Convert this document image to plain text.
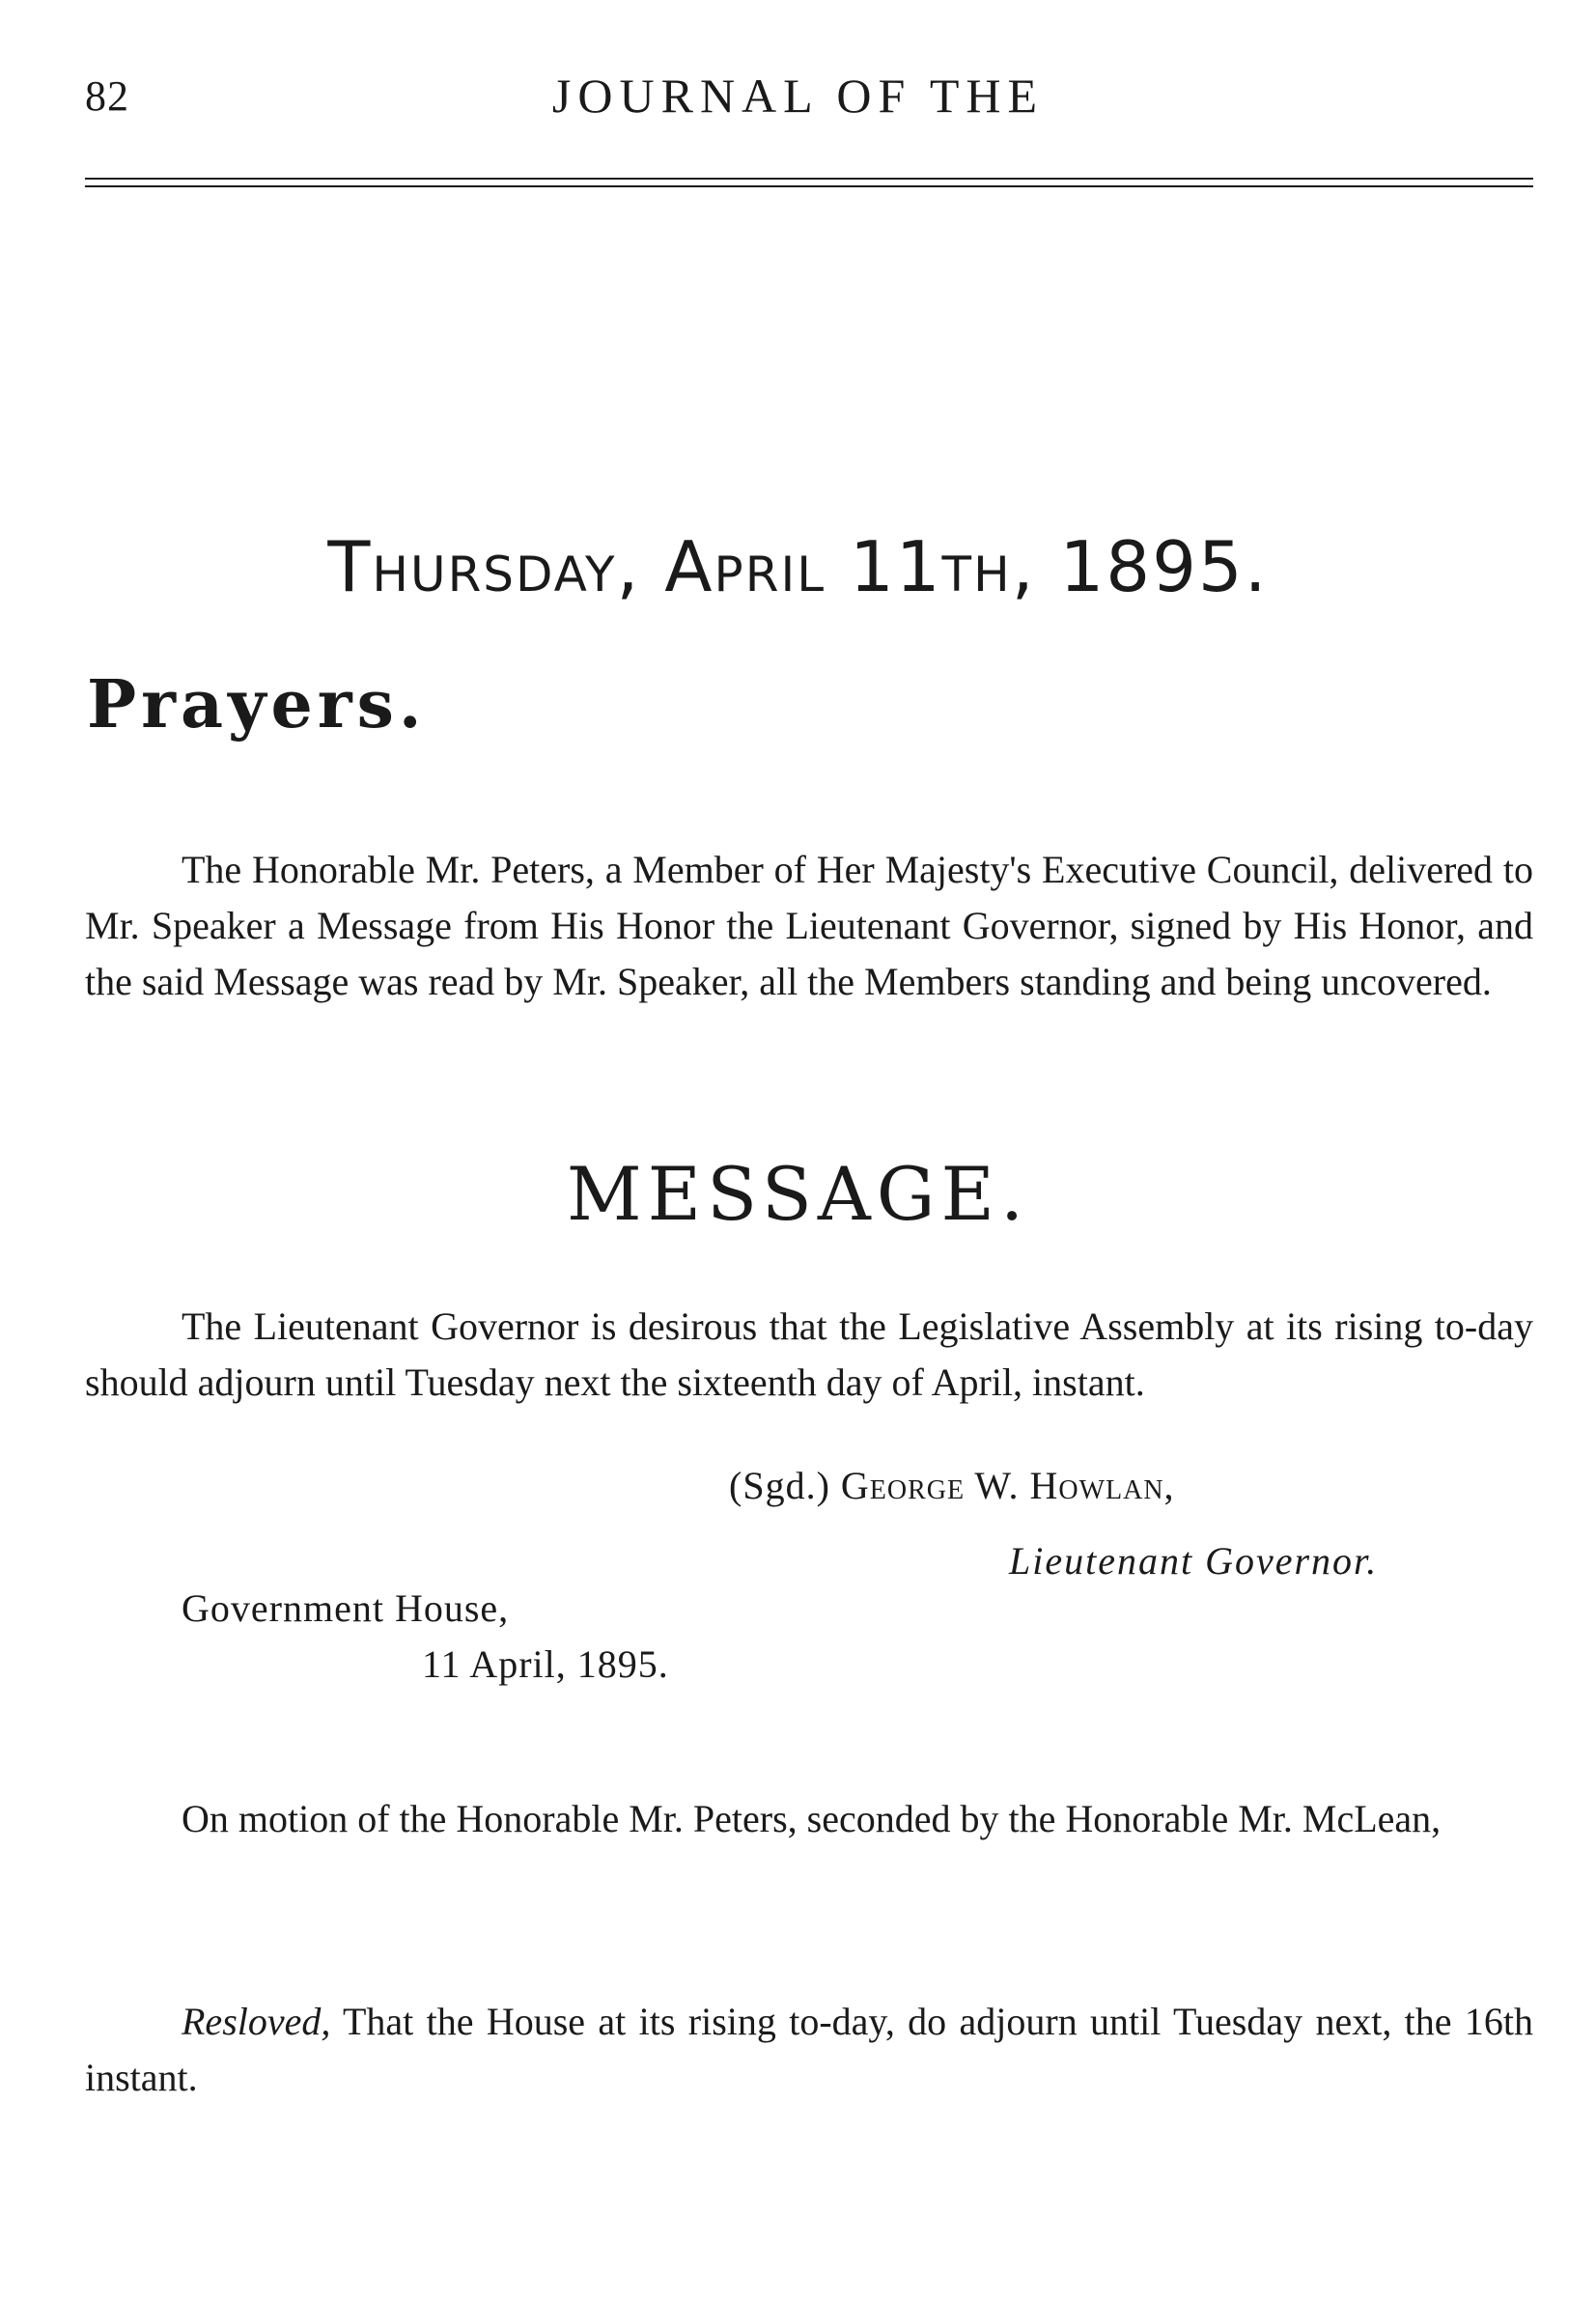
82	JOURNAL OF THE
Thursday, April 11th, 1895.
Prayers.

The Honorable Mr. Peters, a Member of Her Majesty's Executive Council, delivered to Mr. Speaker a Message from His Honor the Lieutenant Governor, signed by His Honor, and the said Message was read by Mr. Speaker, all the Members standing and being uncovered.

MESSAGE.

The Lieutenant Governor is desirous that the Legislative Assembly at its rising to-day should adjourn until Tuesday next the sixteenth day of April, instant.

(Sgd.) George W. Howlan,
Lieutenant Governor.
Government House,
11 April, 1895.

On motion of the Honorable Mr. Peters, seconded by the Honorable Mr. McLean,

Resloved, That the House at its rising to-day, do adjourn until Tuesday next, the 16th instant.
